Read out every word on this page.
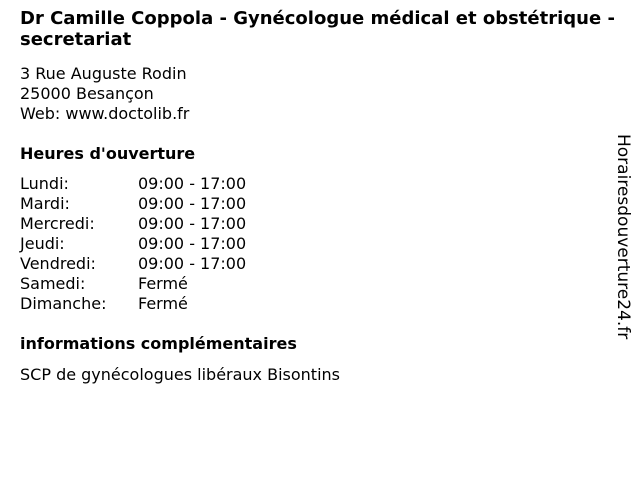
Dr Camille Coppola - Gynécologue médical et obstétrique - secretariat
3 Rue Auguste Rodin
25000 Besançon
Web: www.doctolib.fr
Heures d'ouverture
Lundi:	09:00 - 17:00
Mardi:	09:00 - 17:00
Mercredi:	09:00 - 17:00
Jeudi:	09:00 - 17:00
Vendredi:	09:00 - 17:00
Samedi:	Fermé
Dimanche: Fermé
informations complémentaires
SCP de gynécologues libéraux Bisontins
Horairesdouverture24.fr
